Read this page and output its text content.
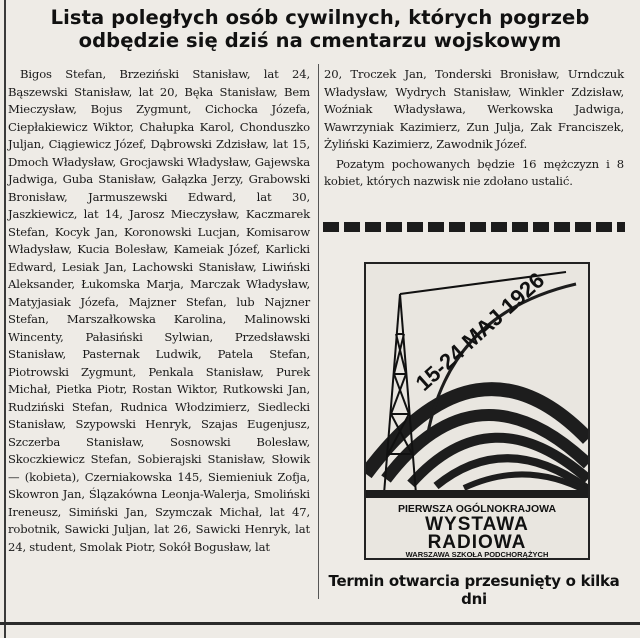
Lista poległych osób cywilnych, których pogrzeb odbędzie się dziś na cmentarzu wojskowym
Bigos Stefan, Brzeziński Stanisław, lat 24, Bąszewski Stanisław, lat 20, Bęka Stanisław, Bem Mieczysław, Bojus Zygmunt, Cichocka Józefa, Ciepłakiewicz Wiktor, Chałupka Karol, Chonduszko Juljan, Ciągiewicz Józef, Dąbrowski Zdzisław, lat 15, Dmoch Władysław, Grocjawski Władysław, Gajewska Jadwiga, Guba Stanisław, Gałązka Jerzy, Grabowski Bronisław, Jarmuszewski Edward, lat 30, Jaszkiewicz, lat 14, Jarosz Mieczysław, Kaczmarek Stefan, Kocyk Jan, Koronowski Lucjan, Komisarow Władysław, Kucia Bolesław, Kameiak Józef, Karlicki Edward, Lesiak Jan, Lachowski Stanisław, Liwiński Aleksander, Łukomska Marja, Marczak Władysław, Matyjasiak Józefa, Majzner Stefan, lub Najzner Stefan, Marszałkowska Karolina, Malinowski Wincenty, Pałasiński Sylwian, Przedsławski Stanisław, Pasternak Ludwik, Patela Stefan, Piotrowski Zygmunt, Penkala Stanisław, Purek Michał, Pietka Piotr, Rostan Wiktor, Rutkowski Jan, Rudziński Stefan, Rudnica Włodzimierz, Siedlecki Stanisław, Szypowski Henryk, Szajas Eugenjusz, Szczerba Stanisław, Sosnowski Bolesław, Skoczkiewicz Stefan, Sobierajski Stanisław, Słowik — (kobieta), Czerniakowska 145, Siemieniuk Zofja, Skowron Jan, Ślązakówna Leonja-Walerja, Smoliński Ireneusz, Simiński Jan, Szymczak Michał, lat 47, robotnik, Sawicki Juljan, lat 26, Sawicki Henryk, lat 24, student, Smolak Piotr, Sokół Bogusław, lat

20, Troczek Jan, Tonderski Bronisław, Urndczuk Władysław, Wydrych Stanisław, Winkler Zdzisław, Woźniak Władysława, Werkowska Jadwiga, Wawrzyniak Kazimierz, Zun Julja, Zak Franciszek, Żyliński Kazimierz, Zawodnik Józef.

Pozatym pochowanych będzie 16 mężczyzn i 8 kobiet, których nazwisk nie zdołano ustalić.

15-24 MAJ 1926
PIERWSZA OGÓLNOKRAJOWA
WYSTAWA
RADIOWA
WARSZAWA SZKOŁA PODCHORĄŻYCH
Termin otwarcia przesunięty o kilka dni
